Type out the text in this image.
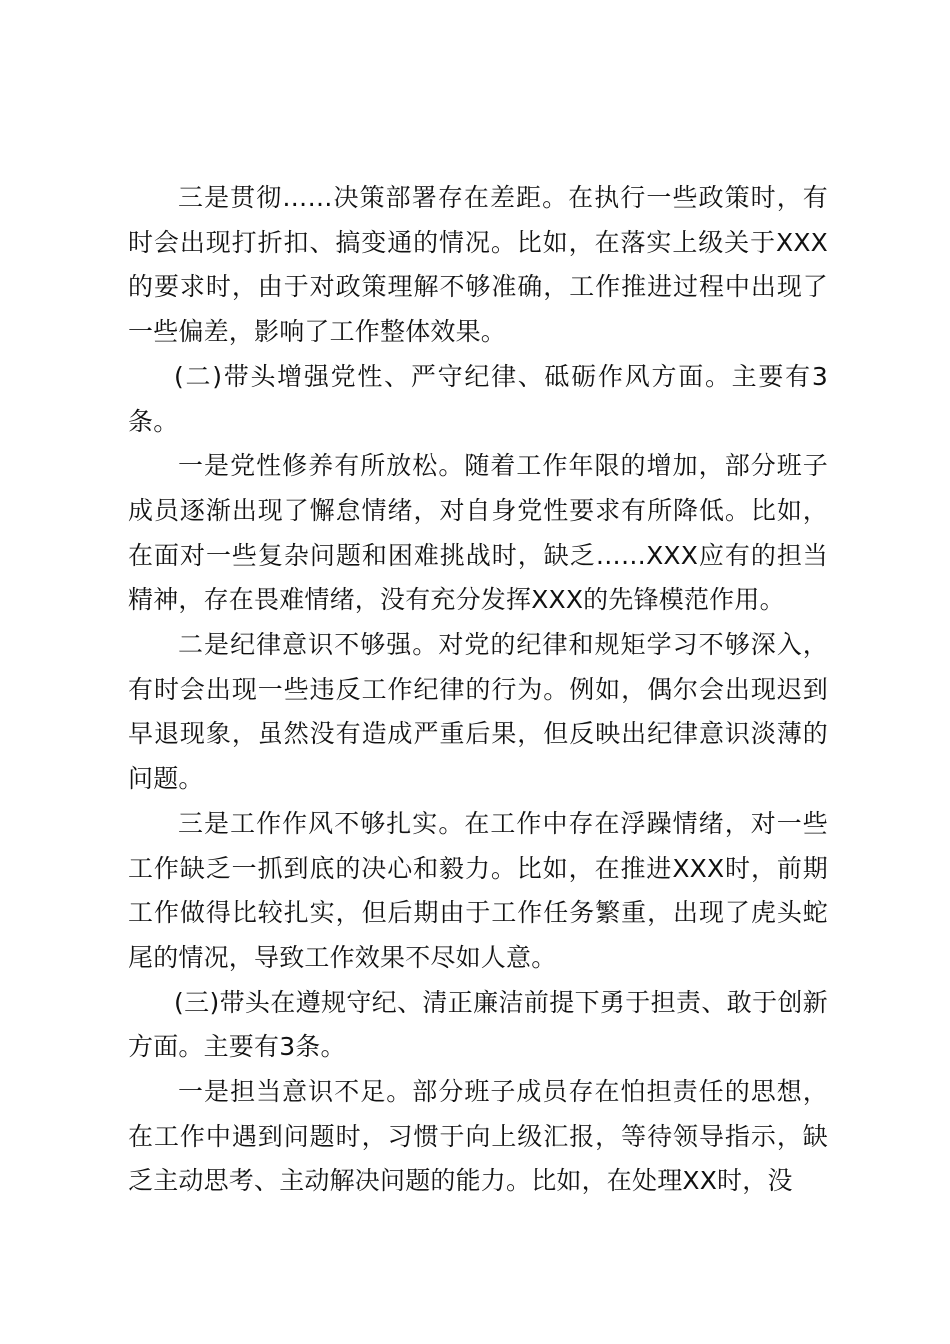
三是贯彻……决策部署存在差距。在执行一些政策时，有时会出现打折扣、搞变通的情况。比如，在落实上级关于XXX的要求时，由于对政策理解不够准确，工作推进过程中出现了一些偏差，影响了工作整体效果。

(二)带头增强党性、严守纪律、砥砺作风方面。主要有3条。

一是党性修养有所放松。随着工作年限的增加，部分班子成员逐渐出现了懈怠情绪，对自身党性要求有所降低。比如，在面对一些复杂问题和困难挑战时，缺乏……XXX应有的担当精神，存在畏难情绪，没有充分发挥XXX的先锋模范作用。

二是纪律意识不够强。对党的纪律和规矩学习不够深入，有时会出现一些违反工作纪律的行为。例如，偶尔会出现迟到早退现象，虽然没有造成严重后果，但反映出纪律意识淡薄的问题。

三是工作作风不够扎实。在工作中存在浮躁情绪，对一些工作缺乏一抓到底的决心和毅力。比如，在推进XXX时，前期工作做得比较扎实，但后期由于工作任务繁重，出现了虎头蛇尾的情况，导致工作效果不尽如人意。

(三)带头在遵规守纪、清正廉洁前提下勇于担责、敢于创新方面。主要有3条。

一是担当意识不足。部分班子成员存在怕担责任的思想，在工作中遇到问题时，习惯于向上级汇报，等待领导指示，缺乏主动思考、主动解决问题的能力。比如，在处理XX时，没
